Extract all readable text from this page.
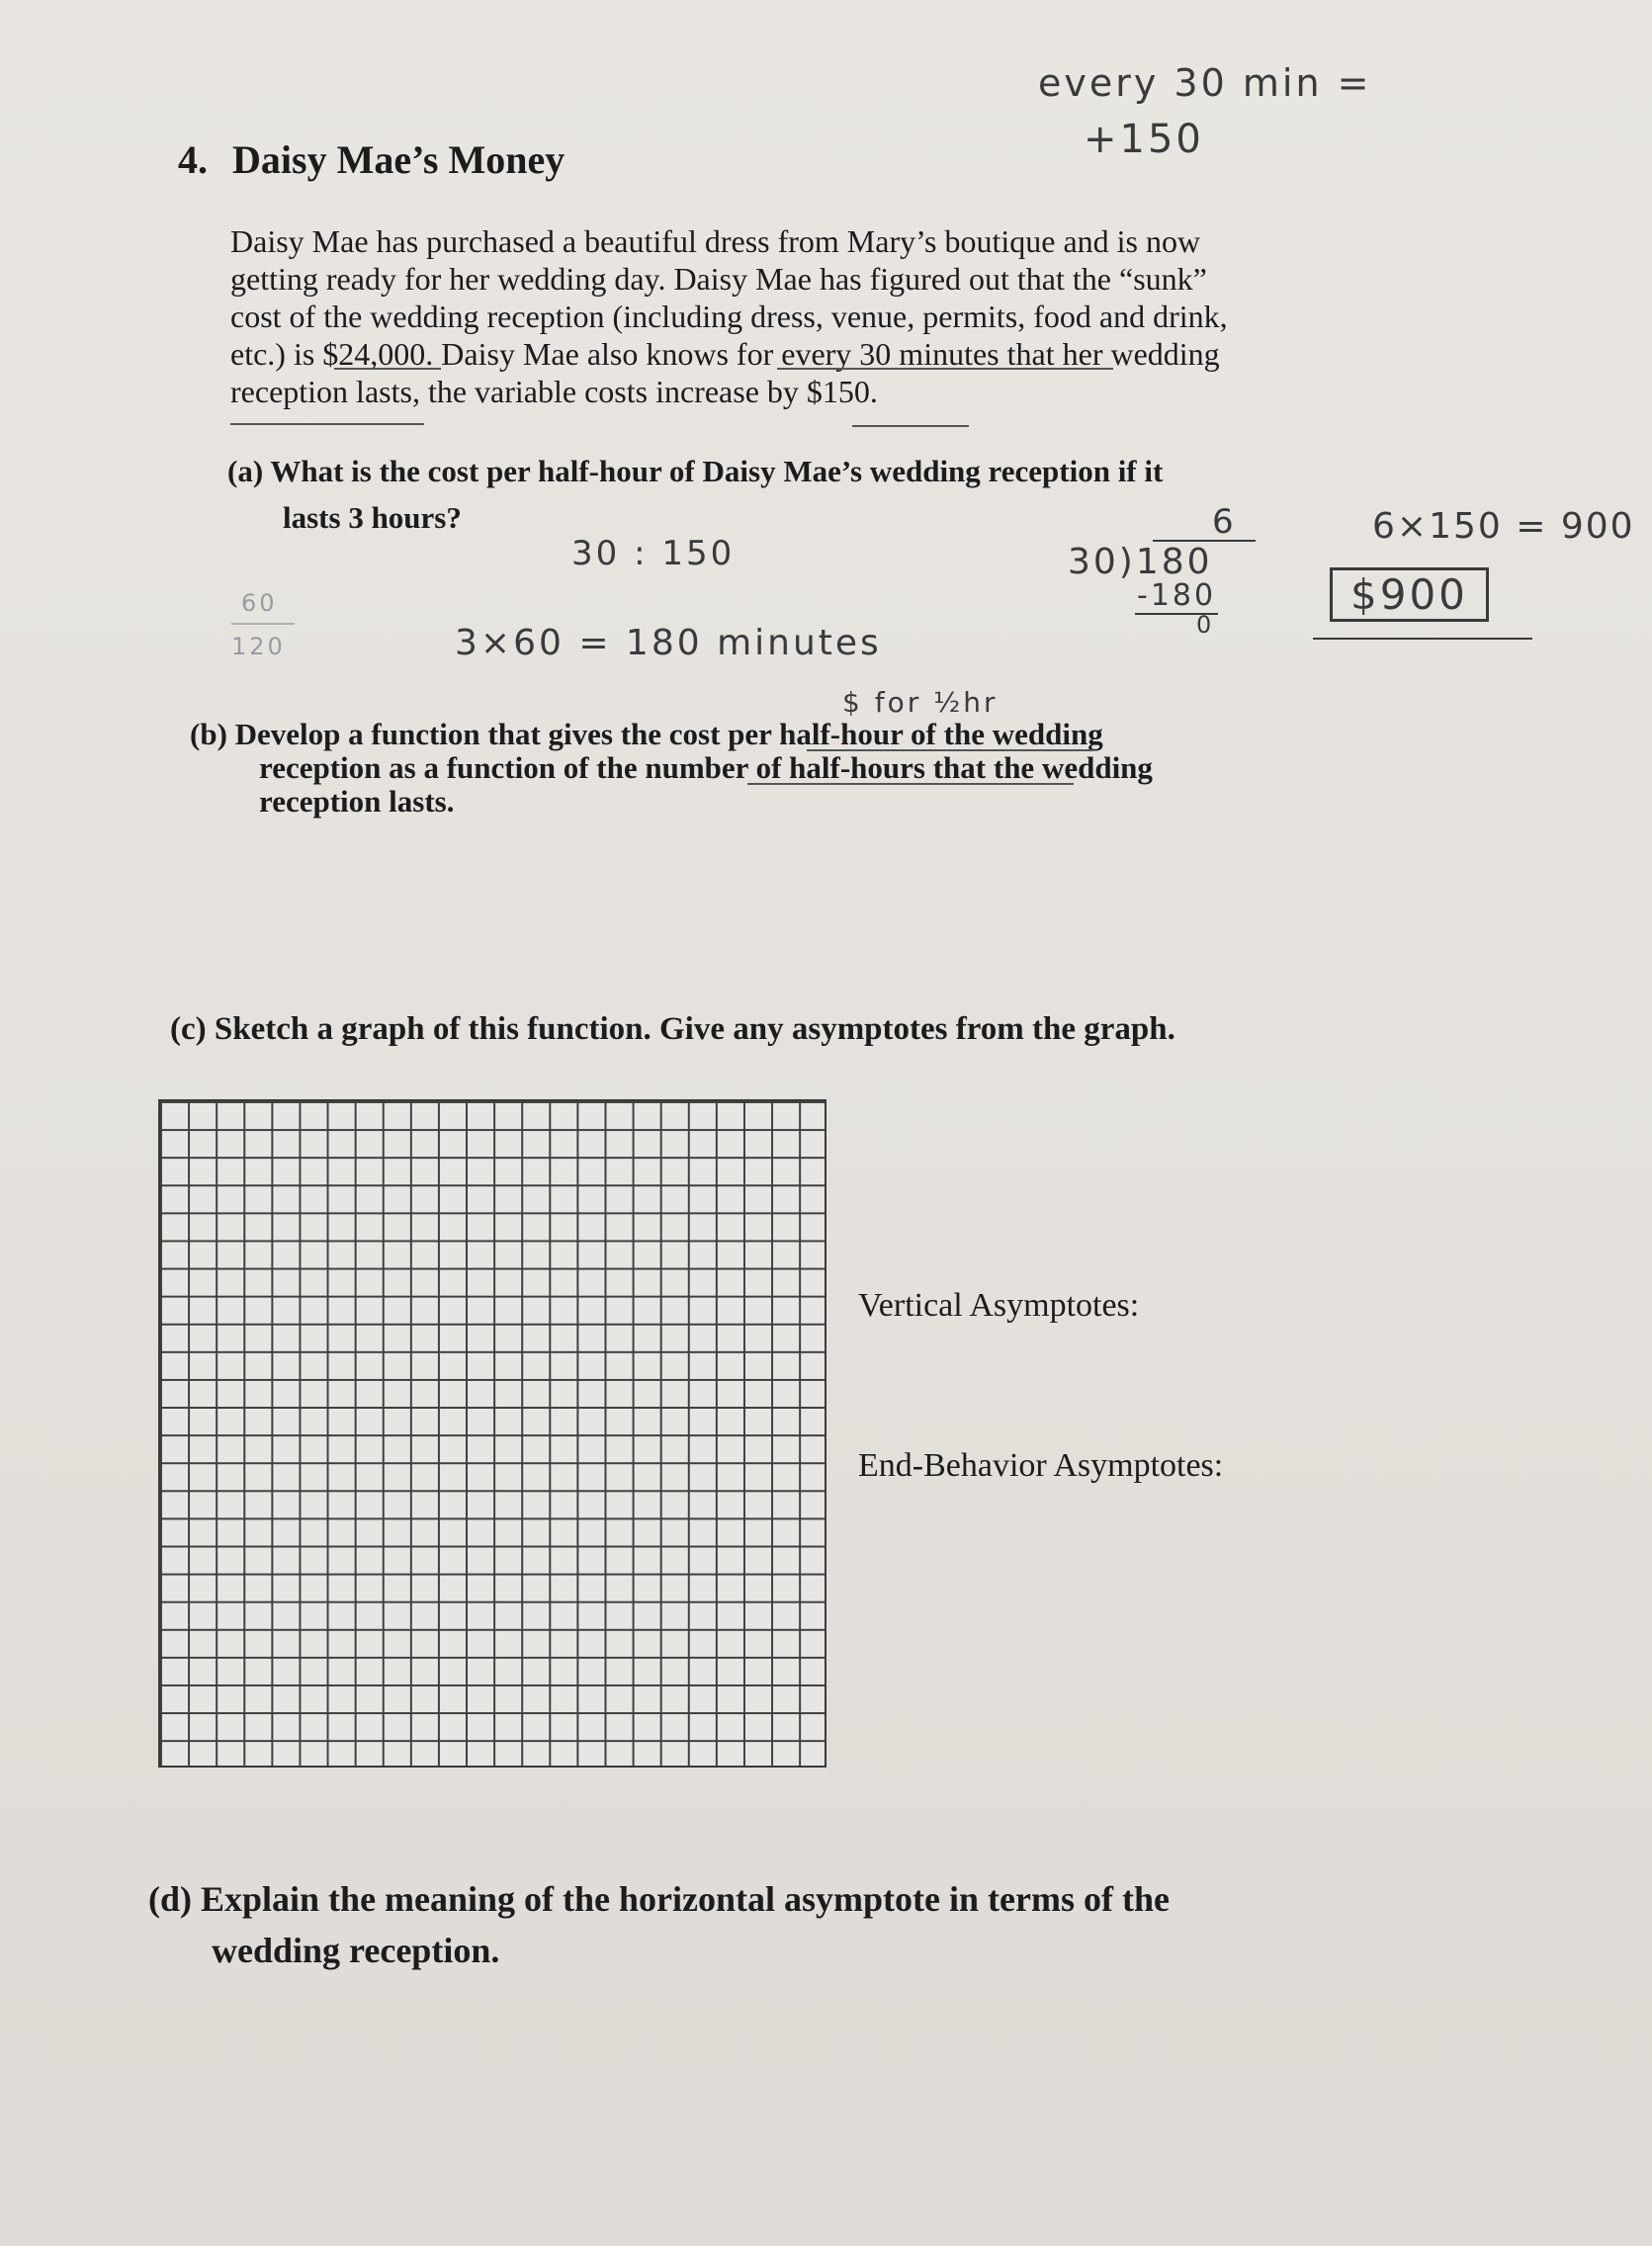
every 30 min =
+150
4. Daisy Mae’s Money
Daisy Mae has purchased a beautiful dress from Mary’s boutique and is now
getting ready for her wedding day. Daisy Mae has figured out that the “sunk”
cost of the wedding reception (including dress, venue, permits, food and drink,
etc.) is $24,000. Daisy Mae also knows for every 30 minutes that her wedding
reception lasts, the variable costs increase by $150.
(a) What is the cost per half-hour of Daisy Mae’s wedding reception if it
lasts 3 hours?
30 : 150
3×60 = 180 minutes
60
120
6
30)180
-180
0
6×150 = 900
$900
$ for ½hr
(b) Develop a function that gives the cost per half-hour of the wedding
reception as a function of the number of half-hours that the wedding
reception lasts.
(c) Sketch a graph of this function. Give any asymptotes from the graph.
Vertical Asymptotes:
End-Behavior Asymptotes:
(d) Explain the meaning of the horizontal asymptote in terms of the
wedding reception.
